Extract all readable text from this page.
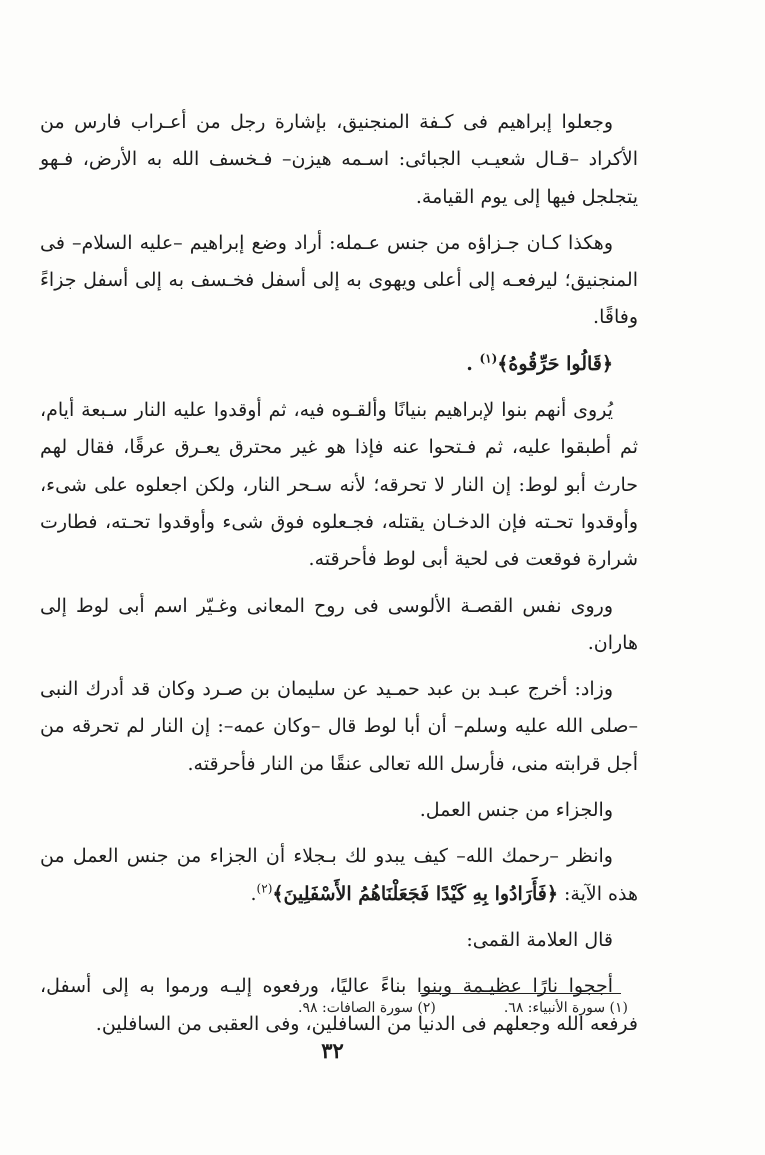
وجعلوا إبراهيم فى كـفة المنجنيق، بإشارة رجل من أعـراب فارس من الأكراد –قـال شعيـب الجبائى: اسـمه هيزن– فـخسف الله به الأرض، فـهو يتجلجل فيها إلى يوم القيامة.

وهكذا كـان جـزاؤه من جنس عـمله: أراد وضع إبراهيم –عليه السلام– فى المنجنيق؛ ليرفعـه إلى أعلى ويهوى به إلى أسفل فخـسف به إلى أسفل جزاءً وفاقًا.

﴿قَالُوا حَرِّقُوهُ﴾$^{(١)}$ .

يُروى أنهم بنوا لإبراهيم بنيانًا وألقـوه فيه، ثم أوقدوا عليه النار سـبعة أيام، ثم أطبقوا عليه، ثم فـتحوا عنه فإذا هو غير محترق يعـرق عرقًا، فقال لهم حارث أبو لوط: إن النار لا تحرقه؛ لأنه سـحر النار، ولكن اجعلوه على شىء، وأوقدوا تحـته فإن الدخـان يقتله، فجـعلوه فوق شىء وأوقدوا تحـته، فطارت شرارة فوقعت فى لحية أبى لوط فأحرقته.

وروى نفس القصـة الألوسى فى روح المعانى وغـيّر اسم أبى لوط إلى هاران.

وزاد: أخرج عبـد بن عبد حمـيد عن سليمان بن صـرد وكان قد أدرك النبى –صلى الله عليه وسلم– أن أبا لوط قال –وكان عمه–: إن النار لم تحرقه من أجل قرابته منى، فأرسل الله تعالى عنقًا من النار فأحرقته.

والجزاء من جنس العمل.

وانظر –رحمك الله– كيف يبدو لك بـجلاء أن الجزاء من جنس العمل من هذه الآية: ﴿فَأَرَادُوا بِهِ كَيْدًا فَجَعَلْنَاهُمُ الأَسْفَلِينَ﴾$^{(٢)}$.

قال العلامة القمى:

أججوا نارًا عظيـمة وبنوا بناءً عاليًا، ورفعوه إليـه ورموا به إلى أسفل، فرفعه الله وجعلهم فى الدنيا من السافلين، وفى العقبى من السافلين.

(١) سورة الأنبياء: ٦٨.
(٢) سورة الصافات: ٩٨.
٣٢
